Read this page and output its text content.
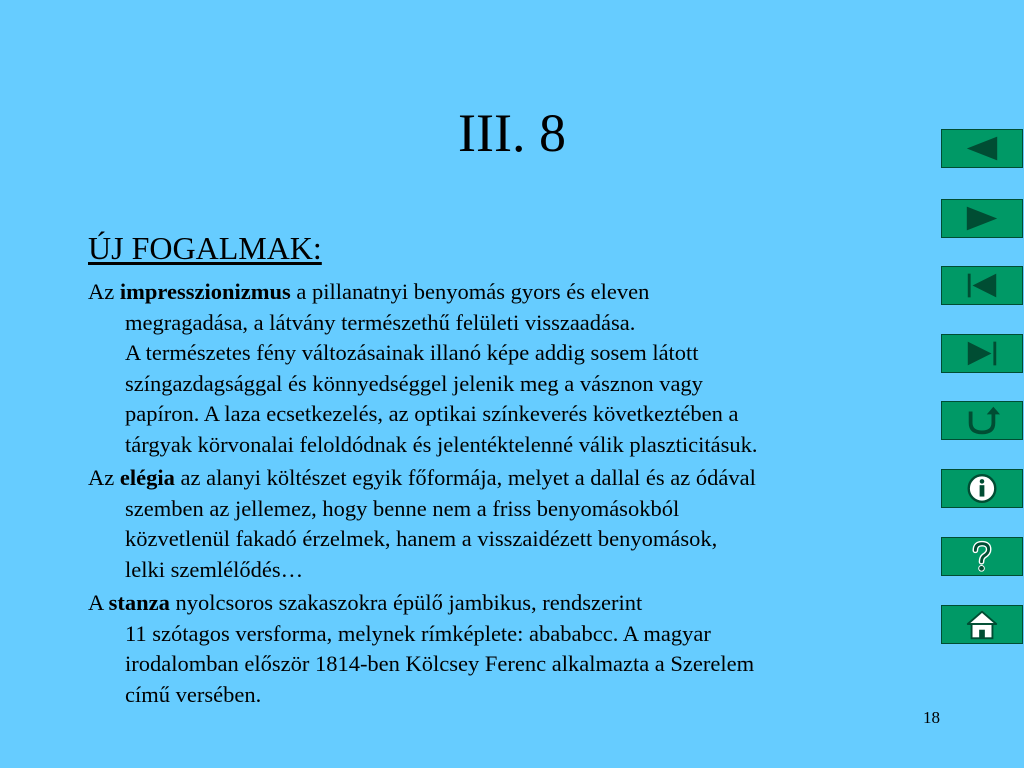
III. 8
ÚJ FOGALMAK:

Az impresszionizmus a pillanatnyi benyomás gyors és eleven
megragadása, a látvány természethű felületi visszaadása.
A természetes fény változásainak illanó képe addig sosem látott
színgazdagsággal és könnyedséggel jelenik meg a vásznon vagy
papíron. A laza ecsetkezelés, az optikai színkeverés következtében a
tárgyak körvonalai feloldódnak és jelentéktelenné válik plaszticitásuk.

Az elégia az alanyi költészet egyik főformája, melyet a dallal és az ódával
szemben az jellemez, hogy benne nem a friss benyomásokból
közvetlenül fakadó érzelmek, hanem a visszaidézett benyomások,
lelki szemlélődés…

A stanza nyolcsoros szakaszokra épülő jambikus, rendszerint
11 szótagos versforma, melynek rímképlete: abababcc. A magyar
irodalomban először 1814-ben Kölcsey Ferenc alkalmazta a Szerelem
című versében.

18
